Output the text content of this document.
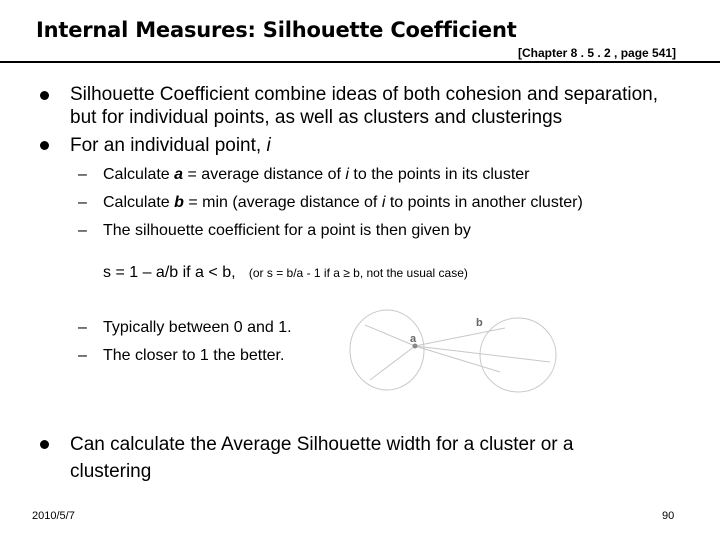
Internal Measures: Silhouette Coefficient
[Chapter 8 . 5 . 2 , page 541]
Silhouette Coefficient combine ideas of both cohesion and separation,
but for individual points, as well as clusters and clusterings
For an individual point, i
– Calculate a = average distance of i to the points in its cluster
– Calculate b = min (average distance of i to points in another cluster)
– The silhouette coefficient for a point is then given by
s = 1 – a/b if a < b, (or s = b/a - 1 if a ≥ b, not the usual case)
– Typically between 0 and 1.
– The closer to 1 the better.
a
b
Can calculate the Average Silhouette width for a cluster or a
clustering
2010/5/7	90
